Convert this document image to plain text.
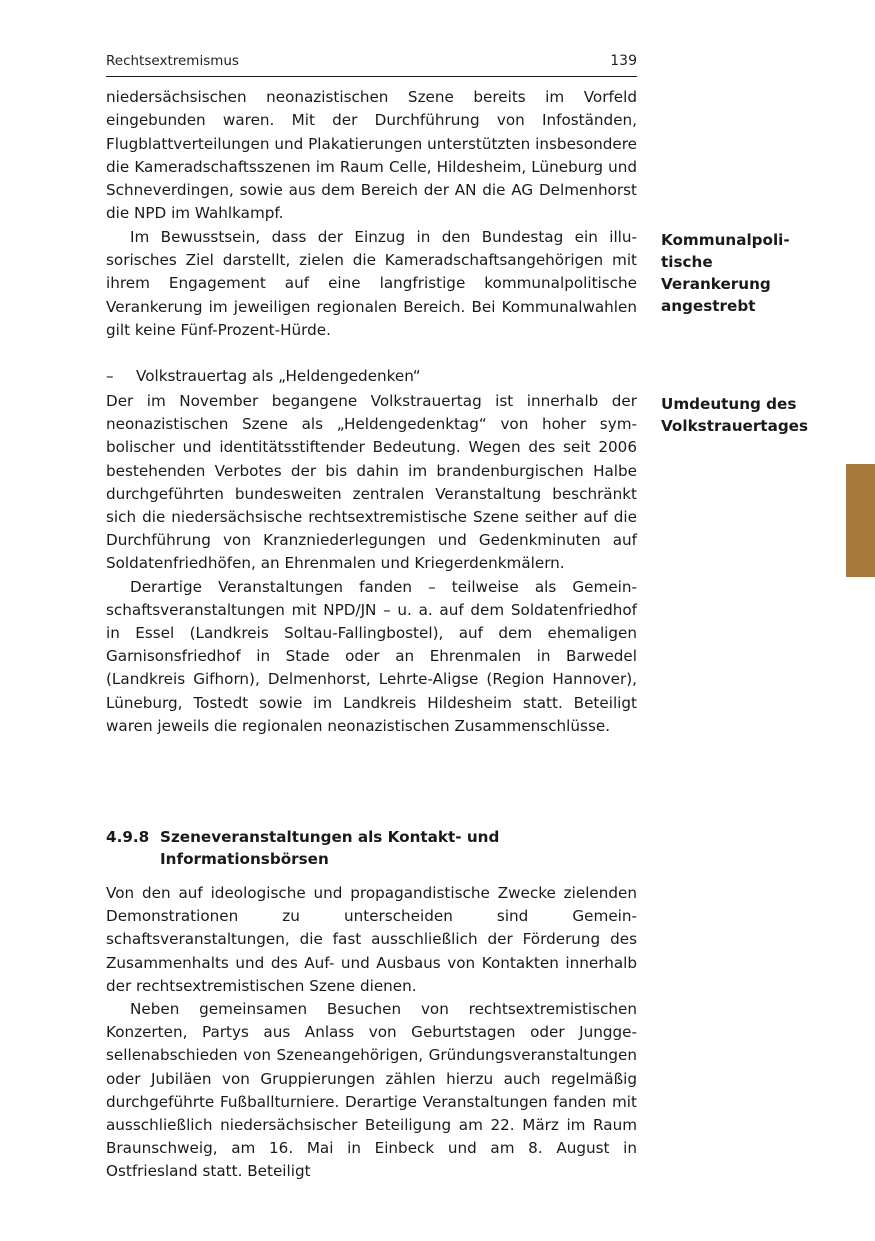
Rechtsextremismus	139

niedersächsischen neonazistischen Szene bereits im Vorfeld eingebunden waren. Mit der Durchführung von Infoständen, Flugblattverteilungen und Plakatierungen unterstützten insbesondere die Kameradschaftsszenen im Raum Celle, Hildesheim, Lüneburg und Schneverdingen, sowie aus dem Bereich der AN die AG Delmenhorst die NPD im Wahlkampf.

Im Bewusstsein, dass der Einzug in den Bundestag ein illusorisches Ziel darstellt, zielen die Kameradschaftsangehörigen mit ihrem Engagement auf eine langfristige kommunalpolitische Verankerung im jeweiligen regionalen Bereich. Bei Kommunalwahlen gilt keine Fünf-Prozent-Hürde.

– Volkstrauertag als „Heldengedenken“

Der im November begangene Volkstrauertag ist innerhalb der neonazistischen Szene als „Heldengedenktag“ von hoher symbolischer und identitätsstiftender Bedeutung. Wegen des seit 2006 bestehenden Verbotes der bis dahin im brandenburgischen Halbe durchgeführten bundesweiten zentralen Veranstaltung beschränkt sich die niedersächsische rechtsextremistische Szene seither auf die Durchführung von Kranzniederlegungen und Gedenkminuten auf Soldatenfriedhöfen, an Ehrenmalen und Kriegerdenkmälern.

Derartige Veranstaltungen fanden – teilweise als Gemeinschaftsveranstaltungen mit NPD/JN – u. a. auf dem Soldatenfriedhof in Essel (Landkreis Soltau-Fallingbostel), auf dem ehemaligen Garnisonsfriedhof in Stade oder an Ehrenmalen in Barwedel (Landkreis Gifhorn), Delmenhorst, Lehrte-Aligse (Region Hannover), Lüneburg, Tostedt sowie im Landkreis Hildesheim statt. Beteiligt waren jeweils die regionalen neonazistischen Zusammenschlüsse.

4.9.8 Szeneveranstaltungen als Kontakt- und
Informationsbörsen

Von den auf ideologische und propagandistische Zwecke zielenden Demonstrationen zu unterscheiden sind Gemeinschaftsveranstaltungen, die fast ausschließlich der Förderung des Zusammenhalts und des Auf- und Ausbaus von Kontakten innerhalb der rechtsextremistischen Szene dienen.

Neben gemeinsamen Besuchen von rechtsextremistischen Konzerten, Partys aus Anlass von Geburtstagen oder Junggesellenabschieden von Szeneangehörigen, Gründungsveranstaltungen oder Jubiläen von Gruppierungen zählen hierzu auch regelmäßig durchgeführte Fußballturniere. Derartige Veranstaltungen fanden mit ausschließlich niedersächsischer Beteiligung am 22. März im Raum Braunschweig, am 16. Mai in Einbeck und am 8. August in Ostfriesland statt. Beteiligt

Kommunalpoli-
tische
Verankerung
angestrebt
Umdeutung des
Volkstrauertages
